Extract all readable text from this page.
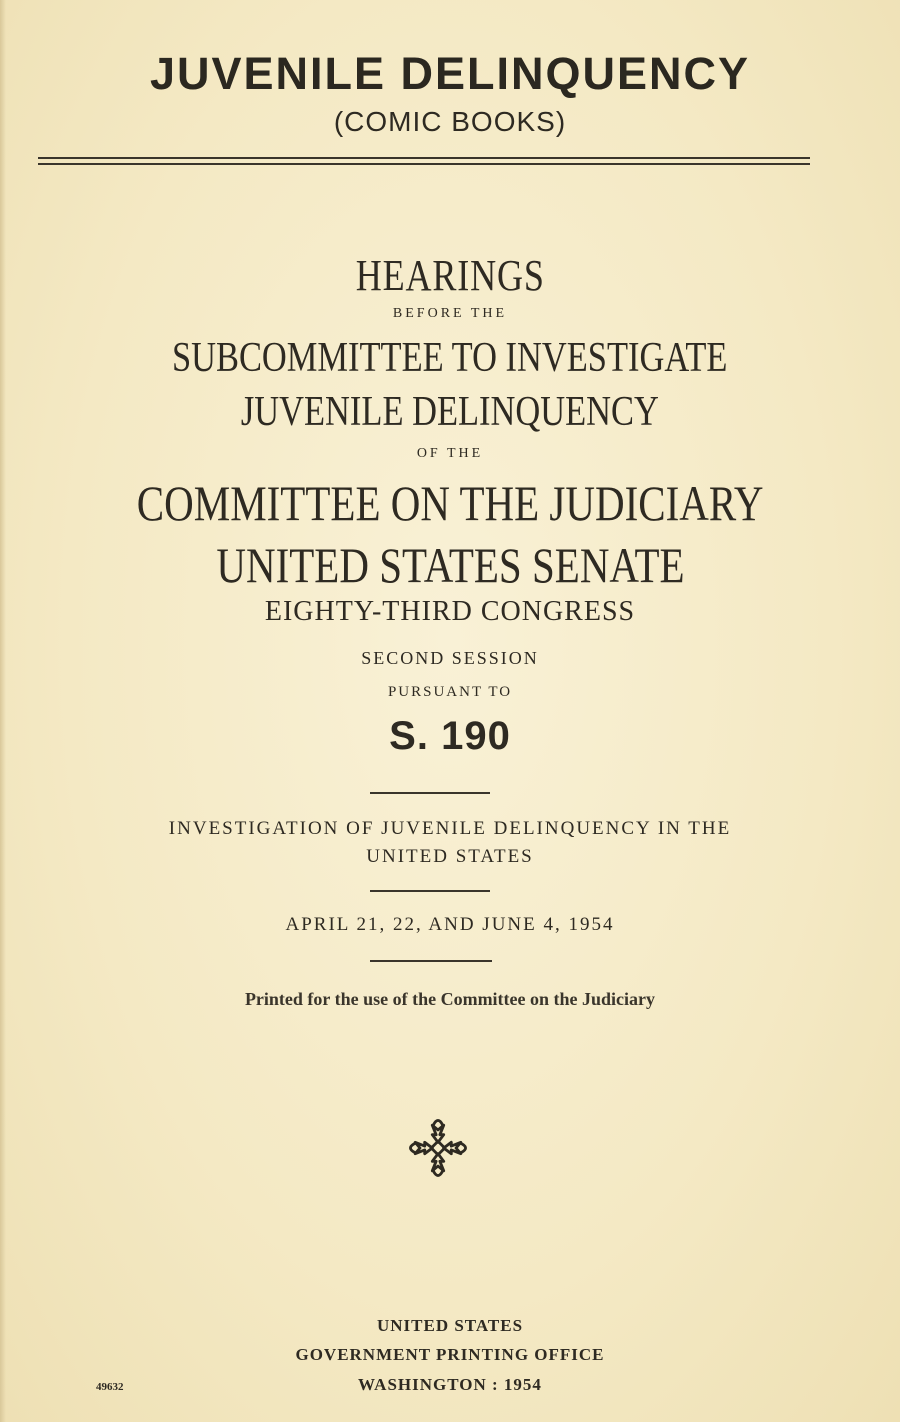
JUVENILE DELINQUENCY
(COMIC BOOKS)
HEARINGS
BEFORE THE
SUBCOMMITTEE TO INVESTIGATE
JUVENILE DELINQUENCY
OF THE
COMMITTEE ON THE JUDICIARY
UNITED STATES SENATE
EIGHTY-THIRD CONGRESS
SECOND SESSION
PURSUANT TO
S. 190
INVESTIGATION OF JUVENILE DELINQUENCY IN THE
UNITED STATES
APRIL 21, 22, AND JUNE 4, 1954
Printed for the use of the Committee on the Judiciary
UNITED STATES
GOVERNMENT PRINTING OFFICE
WASHINGTON : 1954
49632
